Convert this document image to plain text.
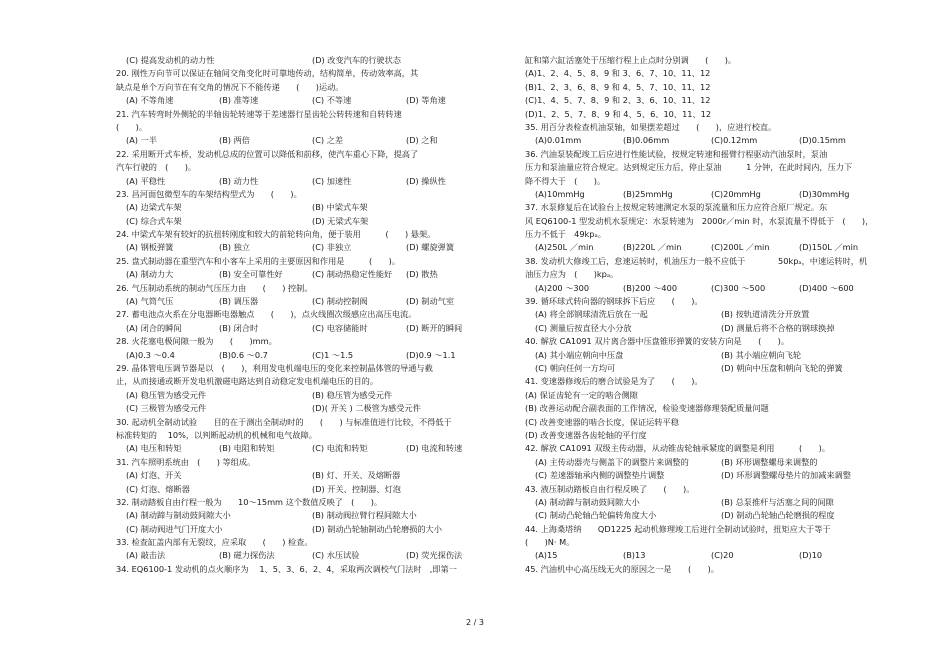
(C) 提高发动机的动力性	(D) 改变汽车的行驶状态
20. 刚性万向节可以保证在轴间交角变化时可靠地传动，结构简单，传动效率高，其
缺点是单个万向节在有交角的情况下不能传递　　(　　)运动。
(A) 不等角速	(B) 准等速	(C) 不等速	(D) 等角速
21. 汽车转弯时外侧轮的半轴齿轮转速等于差速器行星齿轮公转转速和自转转速
(　　)。
(A) 一半	(B) 两倍	(C) 之差	(D) 之和
22. 采用断开式车桥，发动机总成的位置可以降低和前移，使汽车重心下降，提高了
汽车行驶的　(　　)。
(A) 平稳性	(B) 动力性	(C) 加速性	(D) 操纵性
23. 昌河面包微型车的车架结构型式为　　(　　)。
(A) 边梁式车架	(B) 中梁式车架
(C) 综合式车架	(D) 无梁式车架
24. 中梁式车架有较好的抗扭转刚度和较大的前轮转向角，便于装用　　　(　　) 悬架。
(A) 钢板弹簧	(B) 独立	(C) 非独立	(D) 螺旋弹簧
25. 盘式制动器在重型汽车和小客车上采用的主要原因和作用是　　　(　　)。
(A) 制动力大	(B) 安全可靠性好	(C) 制动热稳定性能好 (D) 散热
26. 气压制动系统的制动气压压力由　　(　　) 控制。
(A) 气筒气压	(B) 调压器	(C) 制动控制阀	(D) 制动气室
27. 蓄电池点火系在分电器断电器触点　　(　　)，点火线圈次级感应出高压电流。
(A) 闭合的瞬间	(B) 闭合时	(C) 电容储能时	(D) 断开的瞬间
28. 火花塞电极间隙一般为　　(　　)mm。
(A)0.3 ～0.4	(B)0.6 ～0.7	(C)1 ～1.5	(D)0.9 ～1.1
29. 晶体管电压调节器是以　(　　)，利用发电机端电压的变化来控制晶体管的导通与截
止，从而接通或断开发电机激磁电路达到自动稳定发电机端电压的目的。
(A) 稳压管为感受元件	(B) 稳压管为感受元件
(C) 三极管为感受元件	(D)( 开关 ) 二极管为感受元件
30. 起动机全制动试验　　目的在于测出全制动时的　　(　　) 与标准值进行比较，不得低于
标准转矩的　 10%，以判断起动机的机械和电气故障。
(A) 电压和转矩	(B) 电阻和转矩	(C) 电流和转矩	(D) 电流和转速
31. 汽车照明系统由　(　　) 等组成。
(A) 灯泡、开关	(B) 灯、开关、及熔断器
(C) 灯泡、熔断器	(D) 开关、控制器、灯泡
32. 制动踏板自由行程一般为　　10～15mm 这个数值反映了　(　　)。
(A) 制动蹄与制动鼓间隙大小	(B) 制动阀拉臂行程间隙大小
(C) 制动阀进气门开度大小	(D) 制动凸轮轴制动凸轮磨损的大小
33. 检查缸盖内部有无裂纹，应采取　　(　　) 检查。
(A) 敲击法	(B) 磁力探伤法	(C) 水压试验	(D) 荧光探伤法
34. EQ6100-1 发动机的点火顺序为　 1、5、3、6、2、4，采取两次调校气门法时　,即第一
缸和第六缸活塞处于压缩行程上止点时分别调　　(　　)。
(A)1、2、4、5、8、9 和 3、6、7、10、11、12
(B)1、2、3、6、8、9 和 4、5、7、10、11、12
(C)1、4、5、7、8、9 和 2、3、6、10、11、12
(D)1、2、5、7、8、9 和 4、5、6、10、11、12
35. 用百分表检查机油泵轴，如果摆差超过　　(　　)，应进行校直。
(A)0.01mm	(B)0.06mm	(C)0.12mm	(D)0.15mm
36. 汽油泵装配竣工后应进行性能试验，按规定转速和摇臂行程驱动汽油泵时，泵油
压力和泵油量应符合规定。达到规定压力后，停止泵油　　　1 分钟，在此时间内，压力下
降不得大于　(　　)。
(A)10mmHg	(B)25mmHg	(C)20mmHg	(D)30mmHg
37. 水泵修复后在试验台上按规定转速测定水泵的泵流量和压力应符合原厂规定。东
风 EQ6100-1 型发动机水泵规定：水泵转速为　2000r／min 时，水泵流量不得低于　(　　)，
压力不低于　49kpₐ。
(A)250L ／min	(B)220L ／min	(C)200L ／min	(D)150L ／min
38. 发动机大修竣工后，怠速运转时，机油压力一般不应低于　　　　50kpₐ，中速运转时，机
油压力应为　(　　)kpₐ。
(A)200 ～300	(B)200 ～400	(C)300 ～500	(D)400 ～600
39. 循环球式转向器的钢球拆下后应　　(　　)。
(A) 将全部钢球清洗后放在一起	(B) 按轨道清洗分开放置
(C) 测量后按直径大小分放	(D) 测量后将不合格的钢球换掉
40. 解放 CA1091 双片离合器中压盘锥形弹簧的安装方向是　　(　　)。
(A) 其小端应朝向中压盘	(B) 其小端应朝向飞轮
(C) 朝向任何一方均可	(D) 朝向中压盘和朝向飞轮的弹簧
41. 变速器修竣后的磨合试验是为了　　(　　)。
(A) 保证齿轮有一定的啮合侧隙
(B) 改善运动配合副表面的工作情况，检验变速器修理装配质量问题
(C) 改善变速器的啮合长度，保证运转平稳
(D) 改善变速器各齿轮轴的平行度
42. 解放 CA1091 双级主传动器，从动锥齿轮轴承紧度的调整是利用　　　(　　)。
(A) 主传动器壳与侧盖下的调整片来调整的	(B) 环形调整螺母来调整的
(C) 差速器轴承内侧的调整垫片调整	(D) 环形调整螺母垫片的加减来调整
43. 液压制动踏板自由行程反映了　　(　　)。
(A) 制动蹄与制动鼓间隙大小	(B) 总泵推杆与活塞之间的间隙
(C) 制动凸轮轴凸轮偏转角度大小	(D) 制动凸轮轴凸轮磨损的程度
44. 上海桑塔纳　　QD1225 起动机修理竣工后进行全制动试验时，扭矩应大于等于
(　　)N· M。
(A)15	(B)13	(C)20	(D)10
45. 汽油机中心高压线无火的原因之一是　　(　　)。
2 / 3
